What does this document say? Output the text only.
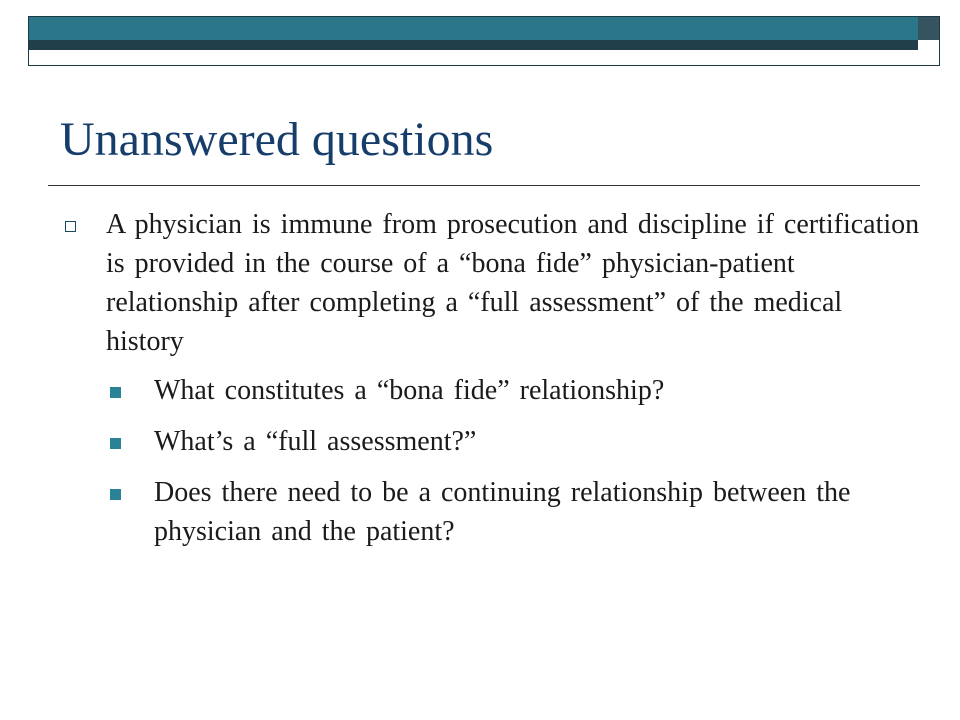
Unanswered questions
A physician is immune from prosecution and discipline if certification is provided in the course of a “bona fide” physician-patient relationship after completing a “full assessment” of the medical history
What constitutes a “bona fide” relationship?
What’s a “full assessment?”
Does there need to be a continuing relationship between the physician and the patient?
